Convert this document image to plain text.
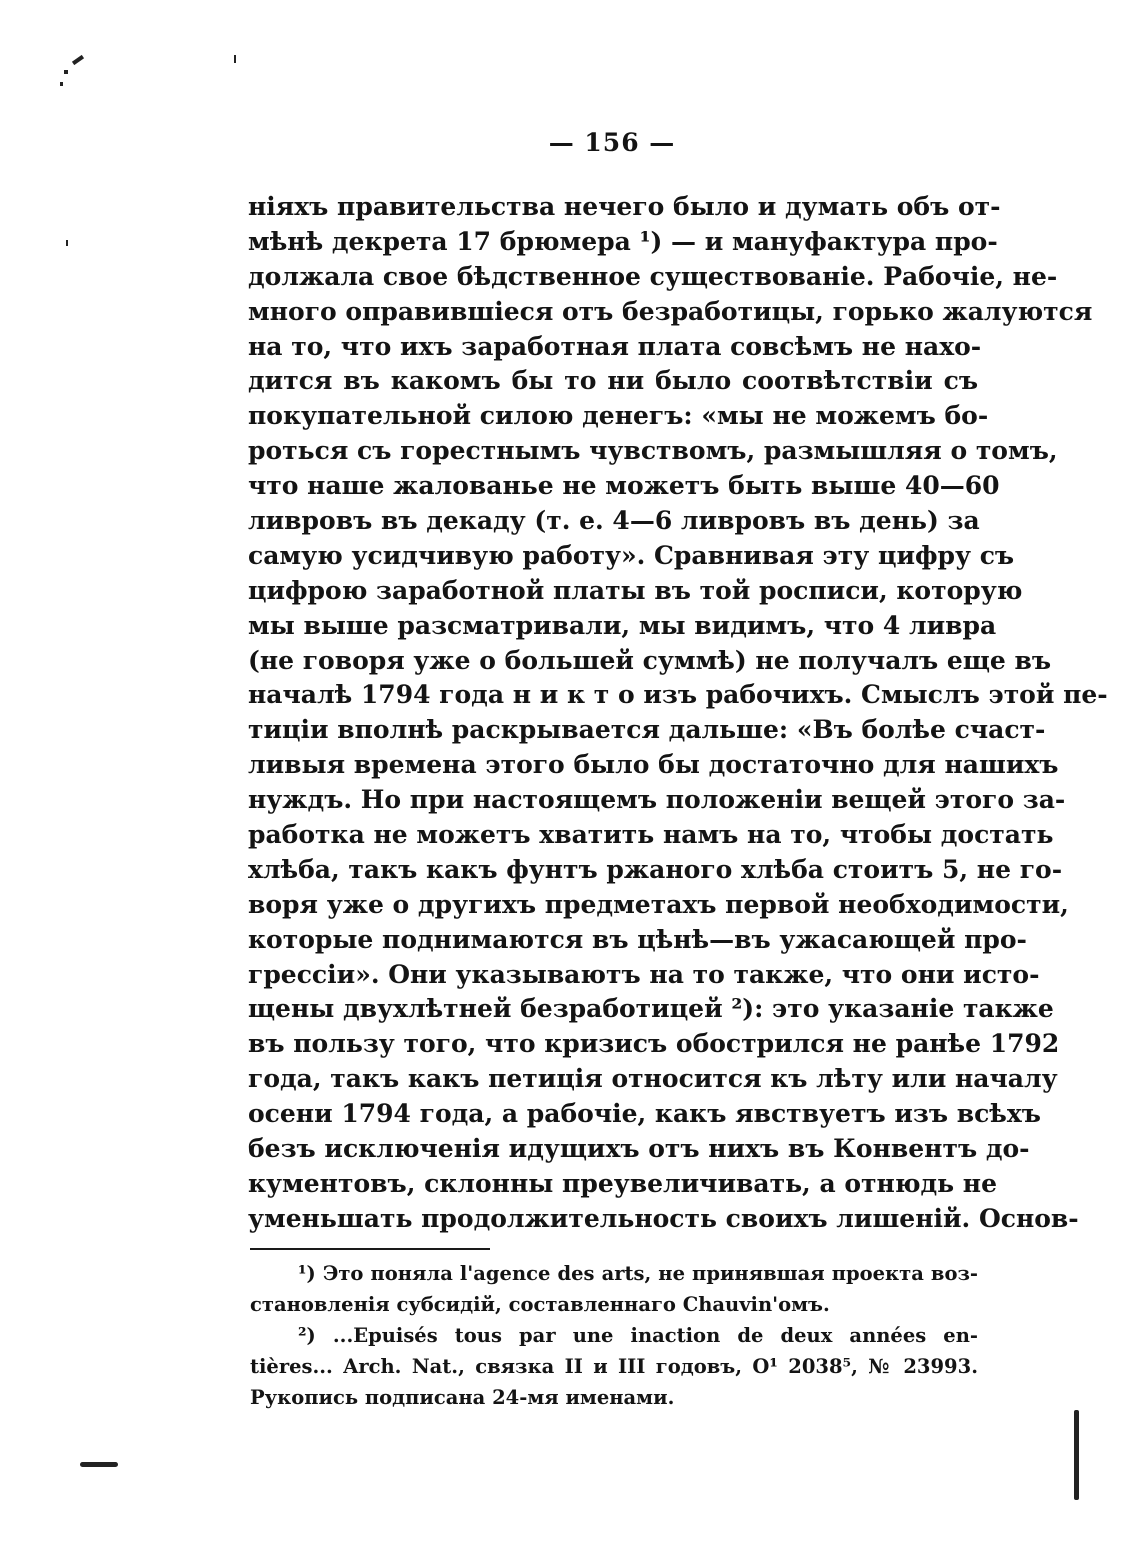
— 156 —
ніяхъ правительства нечего было и думать объ от-
мѣнѣ декрета 17 брюмера ¹) — и мануфактура про-
должала свое бѣдственное существованіе. Рабочіе, не-
много оправившіеся отъ безработицы, горько жалуются
на то, что ихъ заработная плата совсѣмъ не нахо-
дится въ какомъ бы то ни было соотвѣтствіи съ
покупательной силою денегъ: «мы не можемъ бо-
роться съ горестнымъ чувствомъ, размышляя о томъ,
что наше жалованье не можетъ быть выше 40—60
ливровъ въ декаду (т. е. 4—6 ливровъ въ день) за
самую усидчивую работу». Сравнивая эту цифру съ
цифрою заработной платы въ той росписи, которую
мы выше разсматривали, мы видимъ, что 4 ливра
(не говоря уже о большей суммѣ) не получалъ еще въ
началѣ 1794 года н и к т о изъ рабочихъ. Смыслъ этой пе-
тиціи вполнѣ раскрывается дальше: «Въ болѣе счаст-
ливыя времена этого было бы достаточно для нашихъ
нуждъ. Но при настоящемъ положеніи вещей этого за-
работка не можетъ хватить намъ на то, чтобы достать
хлѣба, такъ какъ фунтъ ржаного хлѣба стоитъ 5, не го-
воря уже о другихъ предметахъ первой необходимости,
которые поднимаются въ цѣнѣ—въ ужасающей про-
грессіи». Они указываютъ на то также, что они исто-
щены двухлѣтней безработицей ²): это указаніе также
въ пользу того, что кризисъ обострился не ранѣе 1792
года, такъ какъ петиція относится къ лѣту или началу
осени 1794 года, а рабочіе, какъ явствуетъ изъ всѣхъ
безъ исключенія идущихъ отъ нихъ въ Конвентъ до-
кументовъ, склонны преувеличивать, а отнюдь не
уменьшать продолжительность своихъ лишеній. Основ-
¹) Это поняла l'agence des arts, не принявшая проекта воз-
становленія субсидій, составленнаго Chauvin'омъ.
²) ...Epuisés tous par une inaction de deux années en-
tières... Arch. Nat., связка II и III годовъ, O¹ 2038⁵, № 23993.
Рукопись подписана 24-мя именами.
